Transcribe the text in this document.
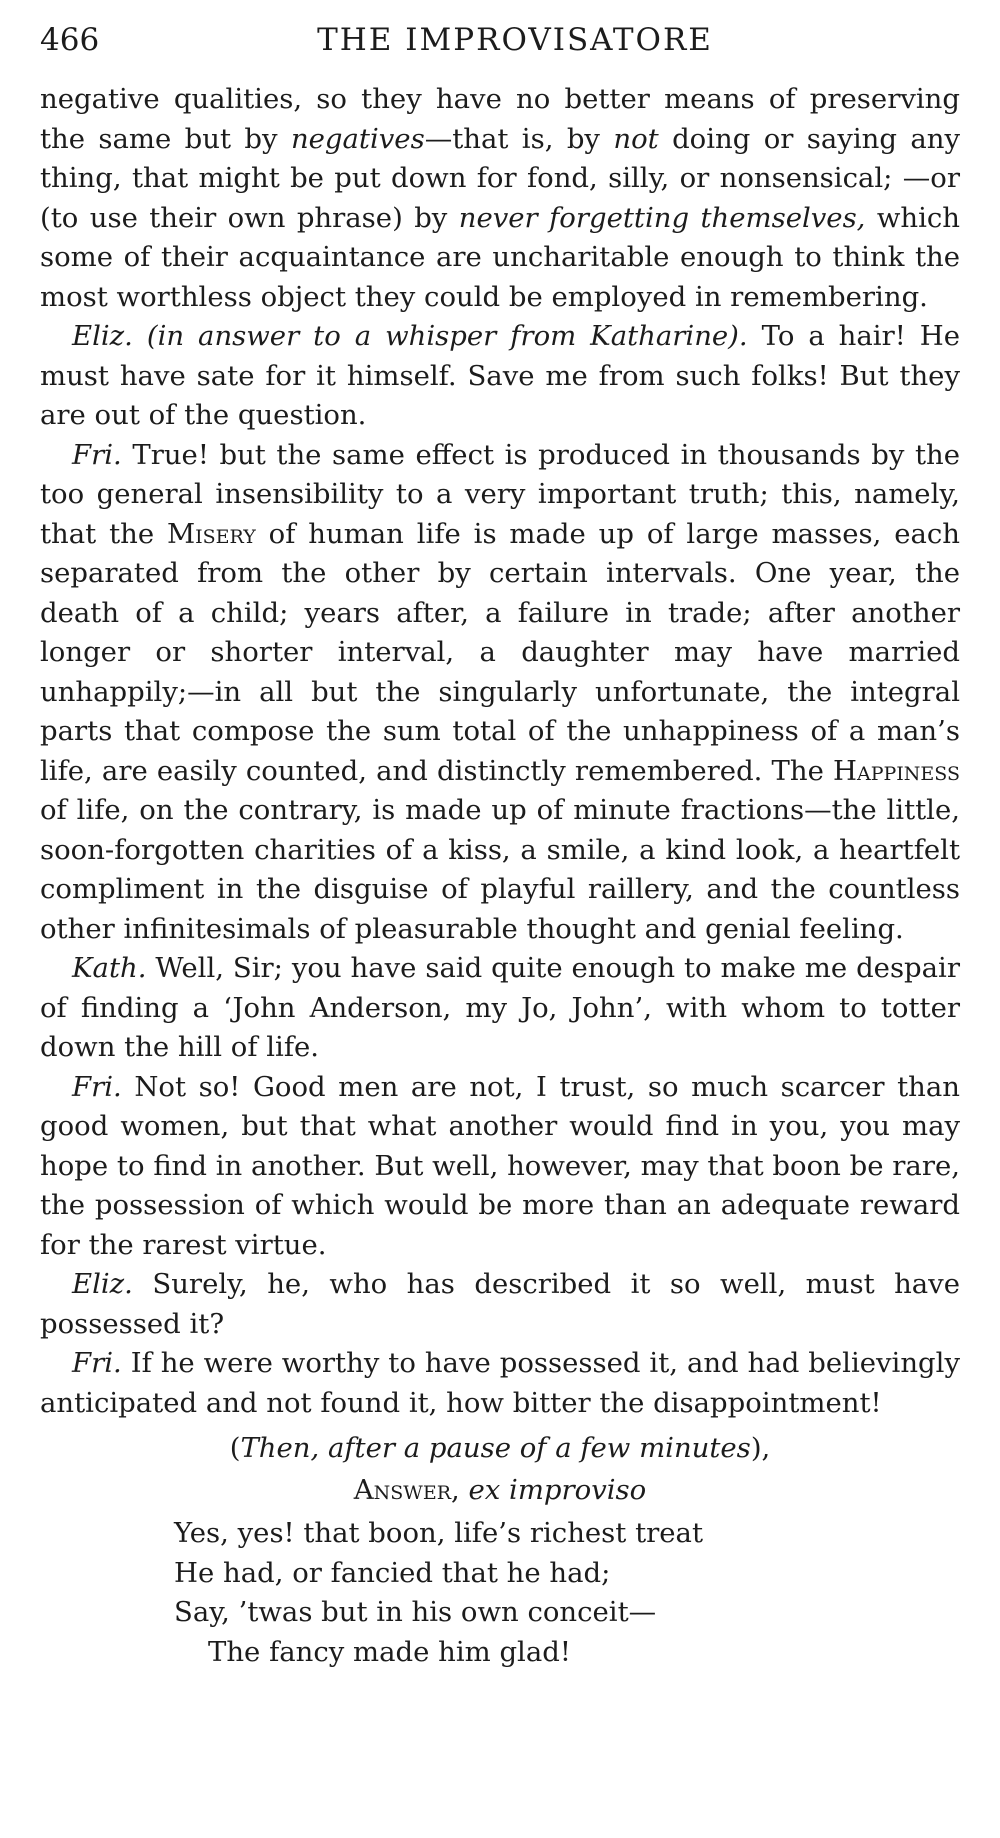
466	THE IMPROVISATORE

negative qualities, so they have no better means of preserving the same but by negatives—that is, by not doing or saying any thing, that might be put down for fond, silly, or nonsensical; —or (to use their own phrase) by never forgetting themselves, which some of their acquaintance are uncharitable enough to think the most worthless object they could be employed in remembering.

Eliz. (in answer to a whisper from Katharine). To a hair! He must have sate for it himself. Save me from such folks! But they are out of the question.

Fri. True! but the same effect is produced in thousands by the too general insensibility to a very important truth; this, namely, that the Misery of human life is made up of large masses, each separated from the other by certain intervals. One year, the death of a child; years after, a failure in trade; after another longer or shorter interval, a daughter may have married unhappily;—in all but the singularly unfortunate, the integral parts that compose the sum total of the unhappiness of a man’s life, are easily counted, and distinctly remembered. The Happiness of life, on the contrary, is made up of minute fractions—the little, soon-forgotten charities of a kiss, a smile, a kind look, a heartfelt compliment in the disguise of playful raillery, and the countless other infinitesimals of pleasurable thought and genial feeling.

Kath. Well, Sir; you have said quite enough to make me despair of finding a ‘John Anderson, my Jo, John’, with whom to totter down the hill of life.

Fri. Not so! Good men are not, I trust, so much scarcer than good women, but that what another would find in you, you may hope to find in another. But well, however, may that boon be rare, the possession of which would be more than an adequate reward for the rarest virtue.

Eliz. Surely, he, who has described it so well, must have possessed it?

Fri. If he were worthy to have possessed it, and had believingly anticipated and not found it, how bitter the disappointment!

(Then, after a pause of a few minutes),

Answer, ex improviso

Yes, yes! that boon, life’s richest treat
He had, or fancied that he had;
Say, ’twas but in his own conceit—
The fancy made him glad!
